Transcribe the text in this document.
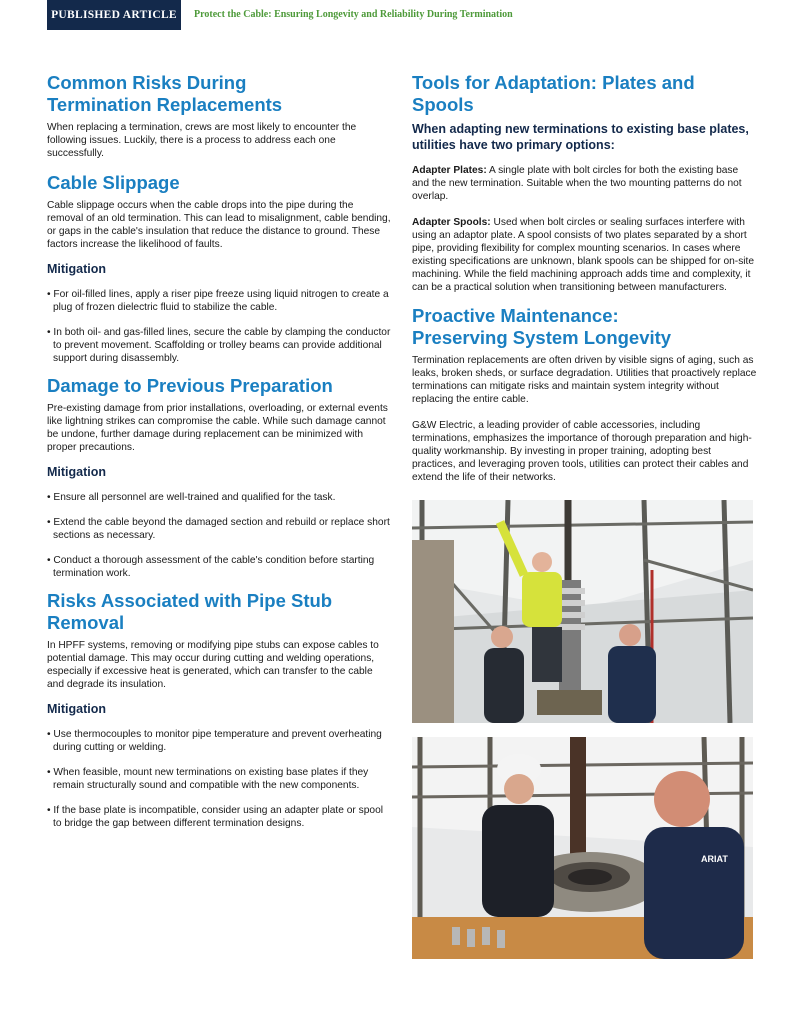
PUBLISHED ARTICLE	Protect the Cable: Ensuring Longevity and Reliability During Termination
Common Risks During
Termination Replacements

When replacing a termination, crews are most likely to encounter the following issues. Luckily, there is a process to address each one successfully.

Cable Slippage

Cable slippage occurs when the cable drops into the pipe during the removal of an old termination. This can lead to misalignment, cable bending, or gaps in the cable's insulation that reduce the distance to ground. These factors increase the likelihood of faults.

Mitigation

• For oil-filled lines, apply a riser pipe freeze using liquid nitrogen to create a plug of frozen dielectric fluid to stabilize the cable.

• In both oil- and gas-filled lines, secure the cable by clamping the conductor to prevent movement. Scaffolding or trolley beams can provide additional support during disassembly.

Damage to Previous Preparation

Pre-existing damage from prior installations, overloading, or external events like lightning strikes can compromise the cable. While such damage cannot be undone, further damage during replacement can be minimized with proper precautions.

Mitigation

• Ensure all personnel are well-trained and qualified for the task.

• Extend the cable beyond the damaged section and rebuild or replace short sections as necessary.

• Conduct a thorough assessment of the cable's condition before starting termination work.

Risks Associated with Pipe Stub Removal

In HPFF systems, removing or modifying pipe stubs can expose cables to potential damage. This may occur during cutting and welding operations, especially if excessive heat is generated, which can transfer to the cable and degrade its insulation.

Mitigation

• Use thermocouples to monitor pipe temperature and prevent overheating during cutting or welding.

• When feasible, mount new terminations on existing base plates if they remain structurally sound and compatible with the new components.

• If the base plate is incompatible, consider using an adapter plate or spool to bridge the gap between different termination designs.

Tools for Adaptation: Plates and Spools
When adapting new terminations to existing base plates, utilities have two primary options:

Adapter Plates: A single plate with bolt circles for both the existing base and the new termination. Suitable when the two mounting patterns do not overlap.

Adapter Spools: Used when bolt circles or sealing surfaces interfere with using an adaptor plate. A spool consists of two plates separated by a short pipe, providing flexibility for complex mounting scenarios. In cases where existing specifications are unknown, blank spools can be shipped for on-site machining. While the field machining approach adds time and complexity, it can be a practical solution when transitioning between manufacturers.

Proactive Maintenance:
Preserving System Longevity

Termination replacements are often driven by visible signs of aging, such as leaks, broken sheds, or surface degradation. Utilities that proactively replace terminations can mitigate risks and maintain system integrity without replacing the entire cable.

G&W Electric, a leading provider of cable accessories, including terminations, emphasizes the importance of thorough preparation and high-quality workmanship. By investing in proper training, adopting best practices, and leveraging proven tools, utilities can protect their cables and extend the life of their networks.

ARIAT
